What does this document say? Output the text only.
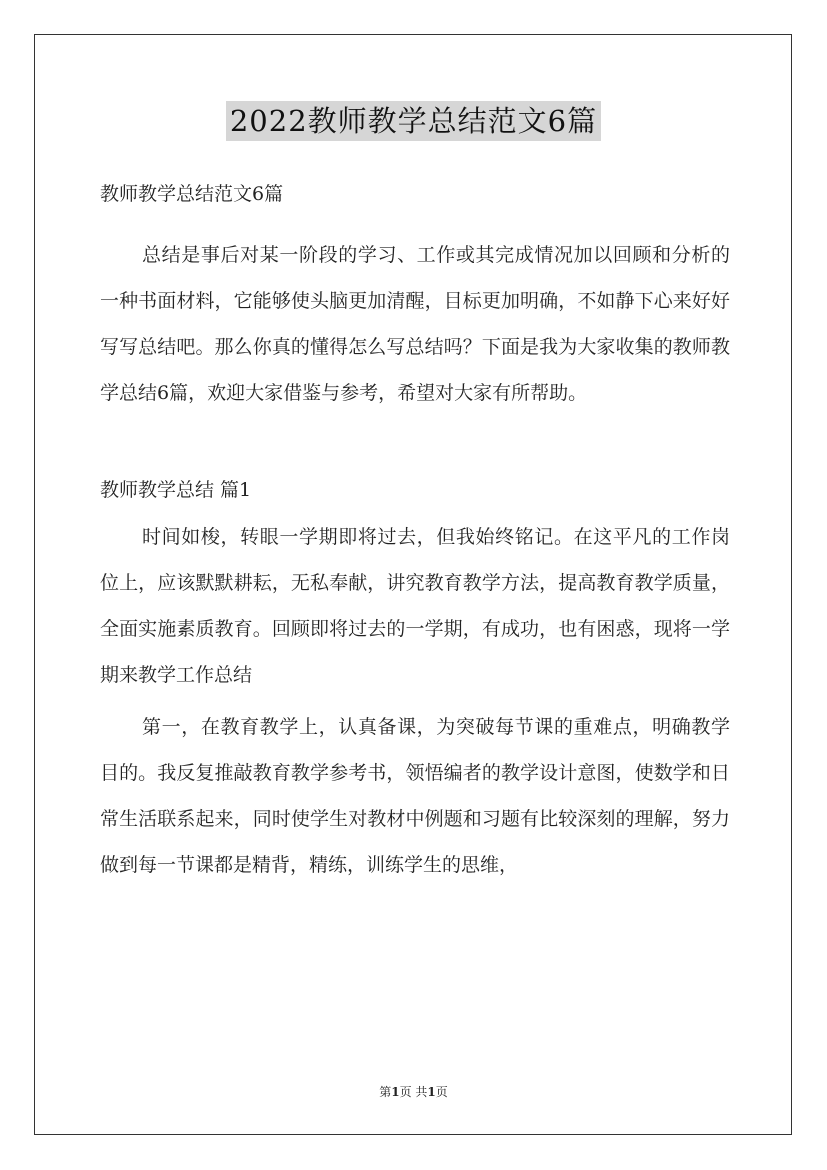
2022教师教学总结范文6篇
教师教学总结范文6篇
总结是事后对某一阶段的学习、工作或其完成情况加以回顾和分析的一种书面材料，它能够使头脑更加清醒，目标更加明确，不如静下心来好好写写总结吧。那么你真的懂得怎么写总结吗？下面是我为大家收集的教师教学总结6篇，欢迎大家借鉴与参考，希望对大家有所帮助。
教师教学总结 篇1
时间如梭，转眼一学期即将过去，但我始终铭记。在这平凡的工作岗位上，应该默默耕耘，无私奉献，讲究教育教学方法，提高教育教学质量，全面实施素质教育。回顾即将过去的一学期，有成功，也有困惑，现将一学期来教学工作总结
第一，在教育教学上，认真备课，为突破每节课的重难点，明确教学目的。我反复推敲教育教学参考书，领悟编者的教学设计意图，使数学和日常生活联系起来，同时使学生对教材中例题和习题有比较深刻的理解，努力做到每一节课都是精背，精练，训练学生的思维，
第1页 共1页
